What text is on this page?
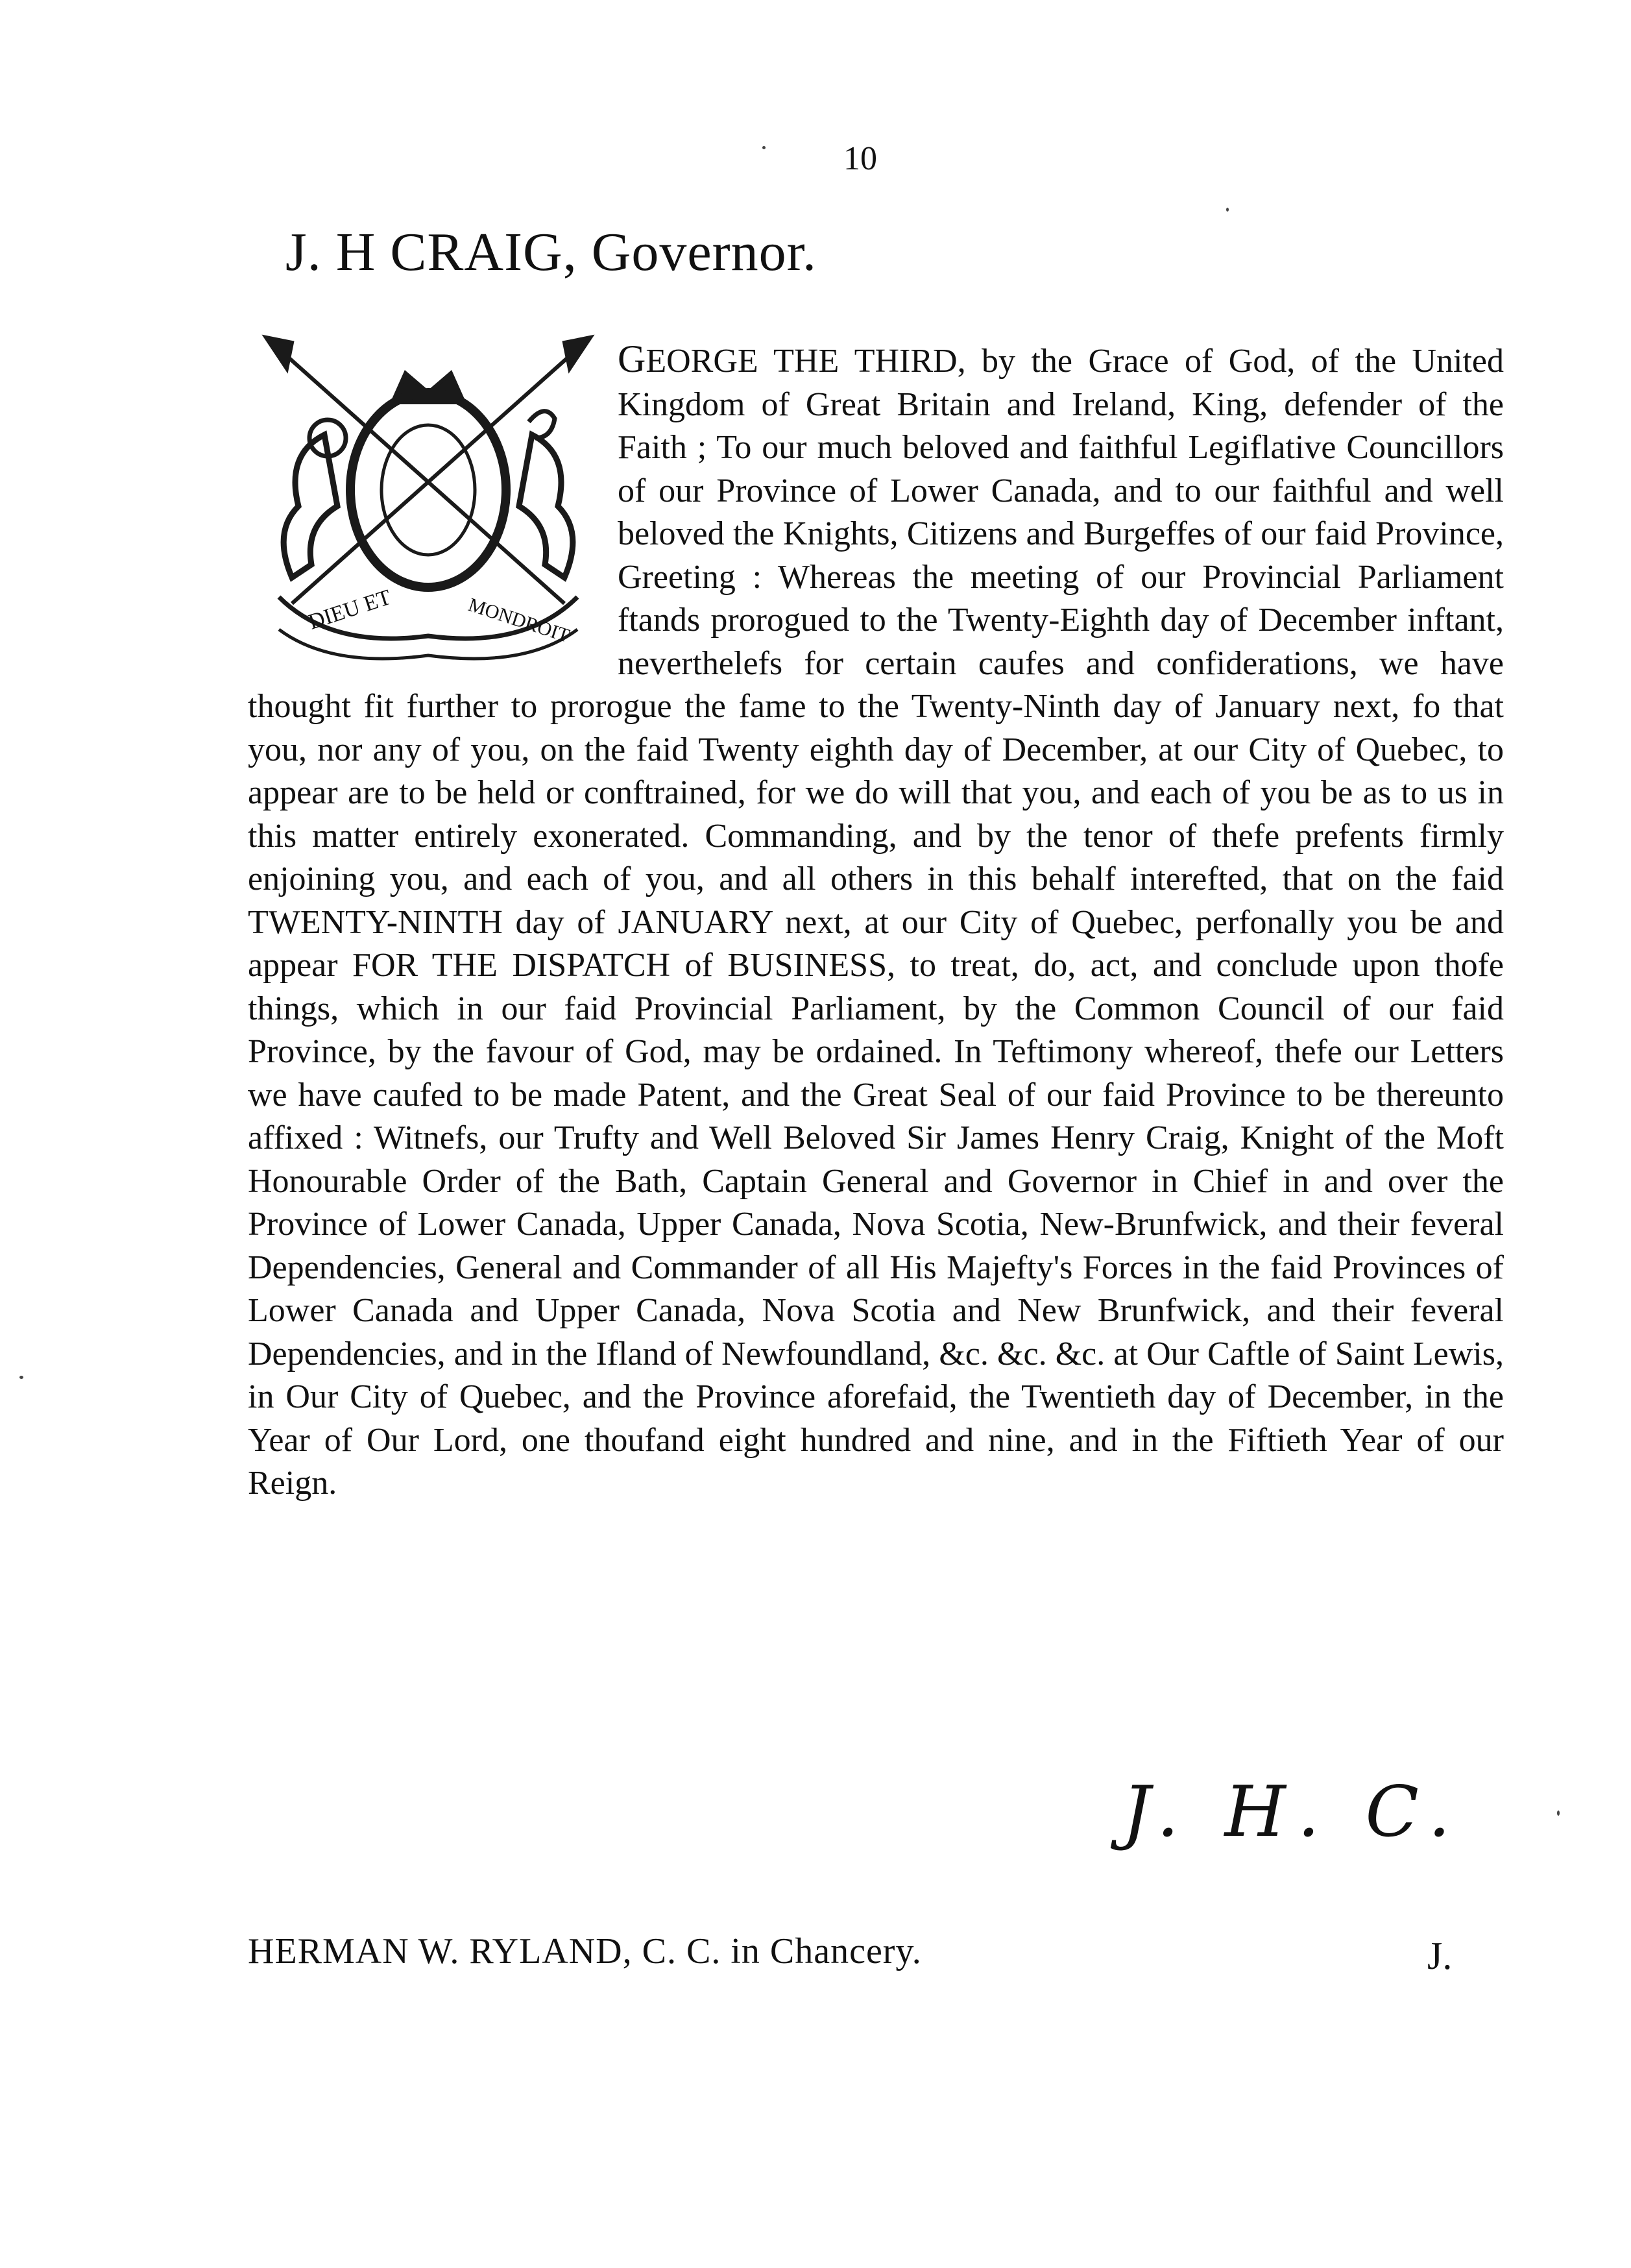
10
J. H CRAIG, Governor.
DIEU ET	MONDROIT
GEORGE THE THIRD, by the Grace of God, of the United Kingdom of Great Britain and Ireland, King, defender of the Faith ; To our much beloved and faithful Legiflative Councillors of our Province of Lower Canada, and to our faithful and well beloved the Knights, Citizens and Burgeffes of our faid Province, Greeting : Whereas the meeting of our Provincial Parliament ftands prorogued to the Twenty-Eighth day of December inftant, neverthelefs for certain caufes and confiderations, we have thought fit further to prorogue the fame to the Twenty-Ninth day of January next, fo that you, nor any of you, on the faid Twenty eighth day of December, at our City of Quebec, to appear are to be held or conftrained, for we do will that you, and each of you be as to us in this matter entirely exonerated. Commanding, and by the tenor of thefe prefents firmly enjoining you, and each of you, and all others in this behalf interefted, that on the faid TWENTY-NINTH day of JANUARY next, at our City of Quebec, perfonally you be and appear FOR THE DISPATCH of BUSINESS, to treat, do, act, and conclude upon thofe things, which in our faid Provincial Parliament, by the Common Council of our faid Province, by the favour of God, may be ordained. In Teftimony whereof, thefe our Letters we have caufed to be made Patent, and the Great Seal of our faid Province to be thereunto affixed : Witnefs, our Trufty and Well Beloved Sir James Henry Craig, Knight of the Moft Honourable Order of the Bath, Captain General and Governor in Chief in and over the Province of Lower Canada, Upper Canada, Nova Scotia, New-Brunfwick, and their feveral Dependencies, General and Commander of all His Majefty's Forces in the faid Provinces of Lower Canada and Upper Canada, Nova Scotia and New Brunfwick, and their feveral Dependencies, and in the Ifland of Newfoundland, &c. &c. &c. at Our Caftle of Saint Lewis, in Our City of Quebec, and the Province aforefaid, the Twentieth day of December, in the Year of Our Lord, one thoufand eight hundred and nine, and in the Fiftieth Year of our Reign.
J. H. C.
HERMAN W. RYLAND, C. C. in Chancery.	J.
